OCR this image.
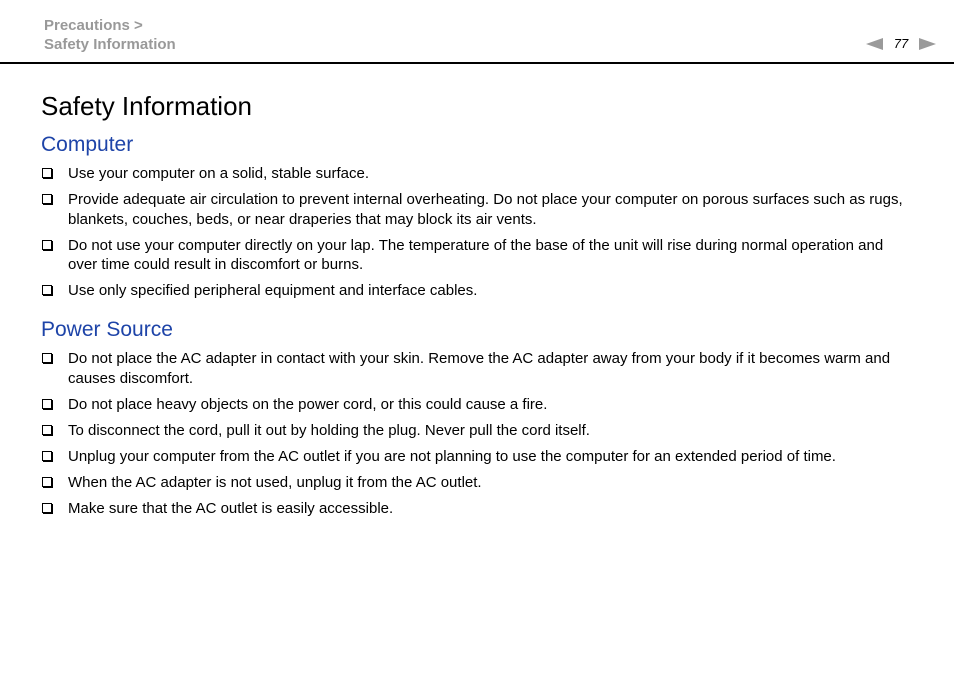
Precautions >
Safety Information	77
Safety Information
Computer
Use your computer on a solid, stable surface.
Provide adequate air circulation to prevent internal overheating. Do not place your computer on porous surfaces such as rugs, blankets, couches, beds, or near draperies that may block its air vents.
Do not use your computer directly on your lap. The temperature of the base of the unit will rise during normal operation and over time could result in discomfort or burns.
Use only specified peripheral equipment and interface cables.
Power Source
Do not place the AC adapter in contact with your skin. Remove the AC adapter away from your body if it becomes warm and causes discomfort.
Do not place heavy objects on the power cord, or this could cause a fire.
To disconnect the cord, pull it out by holding the plug. Never pull the cord itself.
Unplug your computer from the AC outlet if you are not planning to use the computer for an extended period of time.
When the AC adapter is not used, unplug it from the AC outlet.
Make sure that the AC outlet is easily accessible.
